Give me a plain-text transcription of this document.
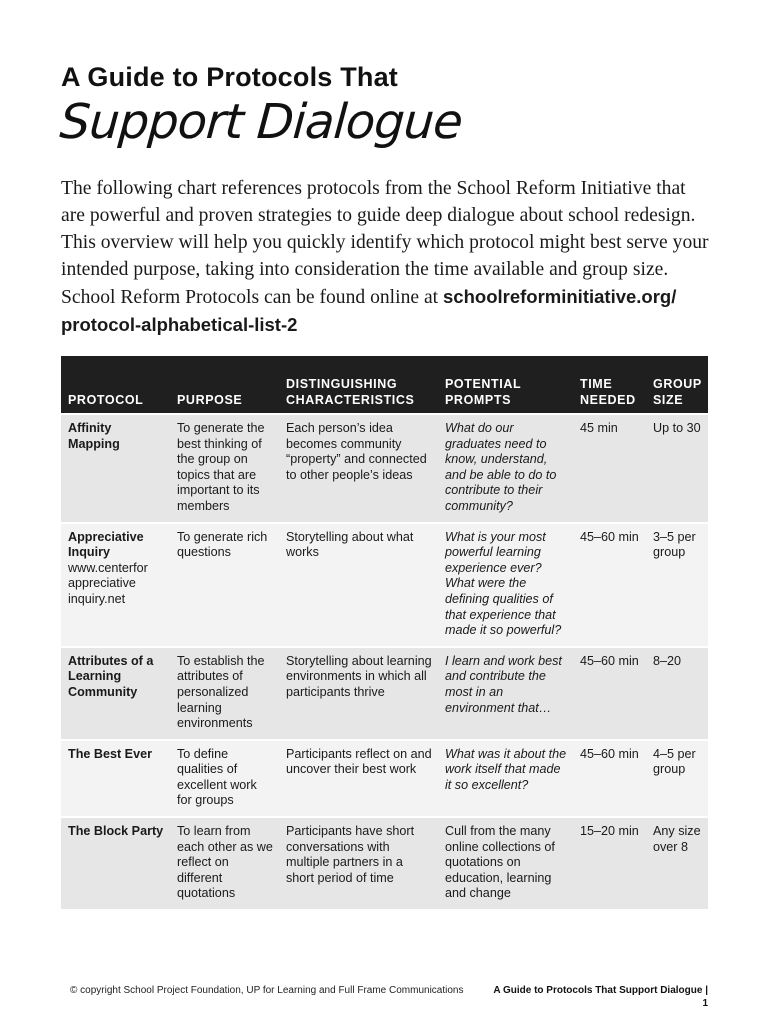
A Guide to Protocols That
Support Dialogue

The following chart references protocols from the School Reform Initiative that are powerful and proven strategies to guide deep dialogue about school redesign. This overview will help you quickly identify which protocol might best serve your intended purpose, taking into consideration the time available and group size. School Reform Protocols can be found online at schoolreforminitiative.org/ protocol-alphabetical-list-2

PROTOCOL	PURPOSE	DISTINGUISHING CHARACTERISTICS	POTENTIAL PROMPTS	TIME NEEDED	GROUP SIZE
Affinity Mapping	To generate the best thinking of the group on topics that are important to its members	Each person’s idea becomes community “property” and connected to other people’s ideas	What do our graduates need to know, understand, and be able to do to contribute to their community?	45 min	Up to 30
Appreciative Inquiry
www.centerfor appreciative inquiry.net	To generate rich questions	Storytelling about what works	What is your most powerful learning experience ever? What were the defining qualities of that experience that made it so powerful?	45–60 min	3–5 per group
Attributes of a Learning Community	To establish the attributes of personalized learning environments	Storytelling about learning environments in which all participants thrive	I learn and work best and contribute the most in an environment that…	45–60 min	8–20
The Best Ever	To define qualities of excellent work for groups	Participants reflect on and uncover their best work	What was it about the work itself that made it so excellent?	45–60 min	4–5 per group
The Block Party	To learn from each other as we reflect on different quotations	Participants have short conversations with multiple partners in a short period of time	Cull from the many online collections of quotations on education, learning and change	15–20 min	Any size over 8
© copyright School Project Foundation, UP for Learning and Full Frame Communications	A Guide to Protocols That Support Dialogue |
1
